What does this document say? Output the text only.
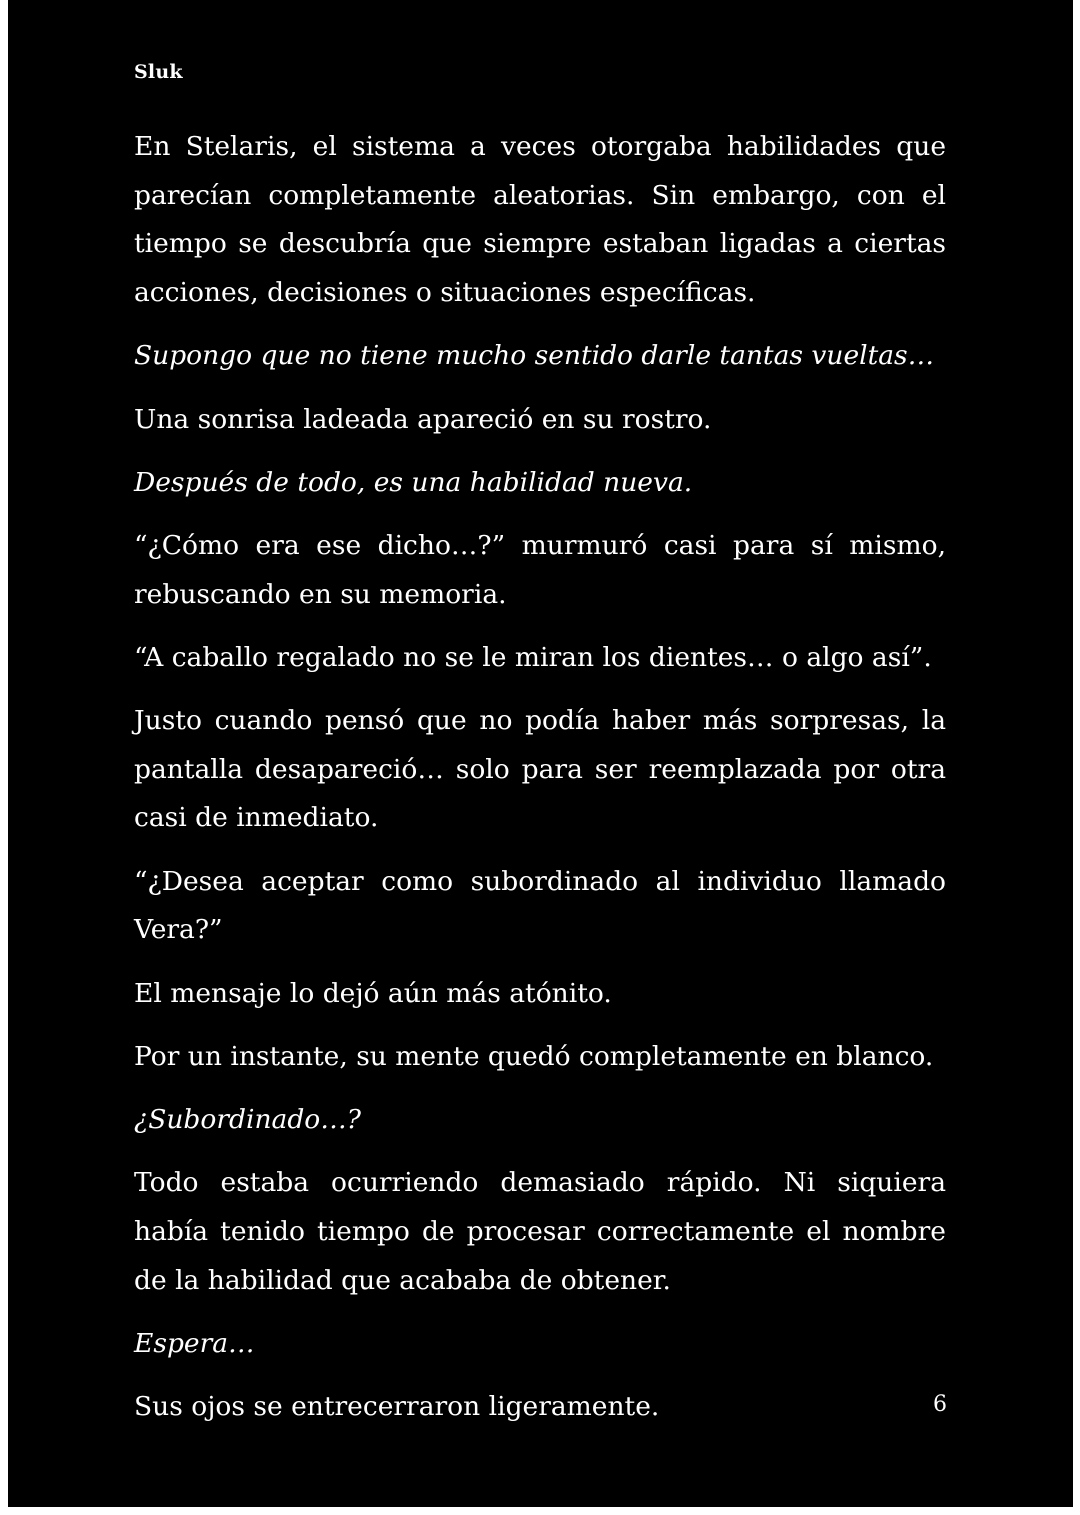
Sluk

En Stelaris, el sistema a veces otorgaba habilidades que parecían completamente aleatorias. Sin embargo, con el tiempo se descubría que siempre estaban ligadas a ciertas acciones, decisiones o situaciones específicas.

Supongo que no tiene mucho sentido darle tantas vueltas…

Una sonrisa ladeada apareció en su rostro.

Después de todo, es una habilidad nueva.

“¿Cómo era ese dicho…?” murmuró casi para sí mismo, rebuscando en su memoria.

“A caballo regalado no se le miran los dientes… o algo así”.

Justo cuando pensó que no podía haber más sorpresas, la pantalla desapareció… solo para ser reemplazada por otra casi de inmediato.

“¿Desea aceptar como subordinado al individuo llamado Vera?”

El mensaje lo dejó aún más atónito.

Por un instante, su mente quedó completamente en blanco.

¿Subordinado…?

Todo estaba ocurriendo demasiado rápido. Ni siquiera había tenido tiempo de procesar correctamente el nombre de la habilidad que acababa de obtener.

Espera…

Sus ojos se entrecerraron ligeramente.	6
